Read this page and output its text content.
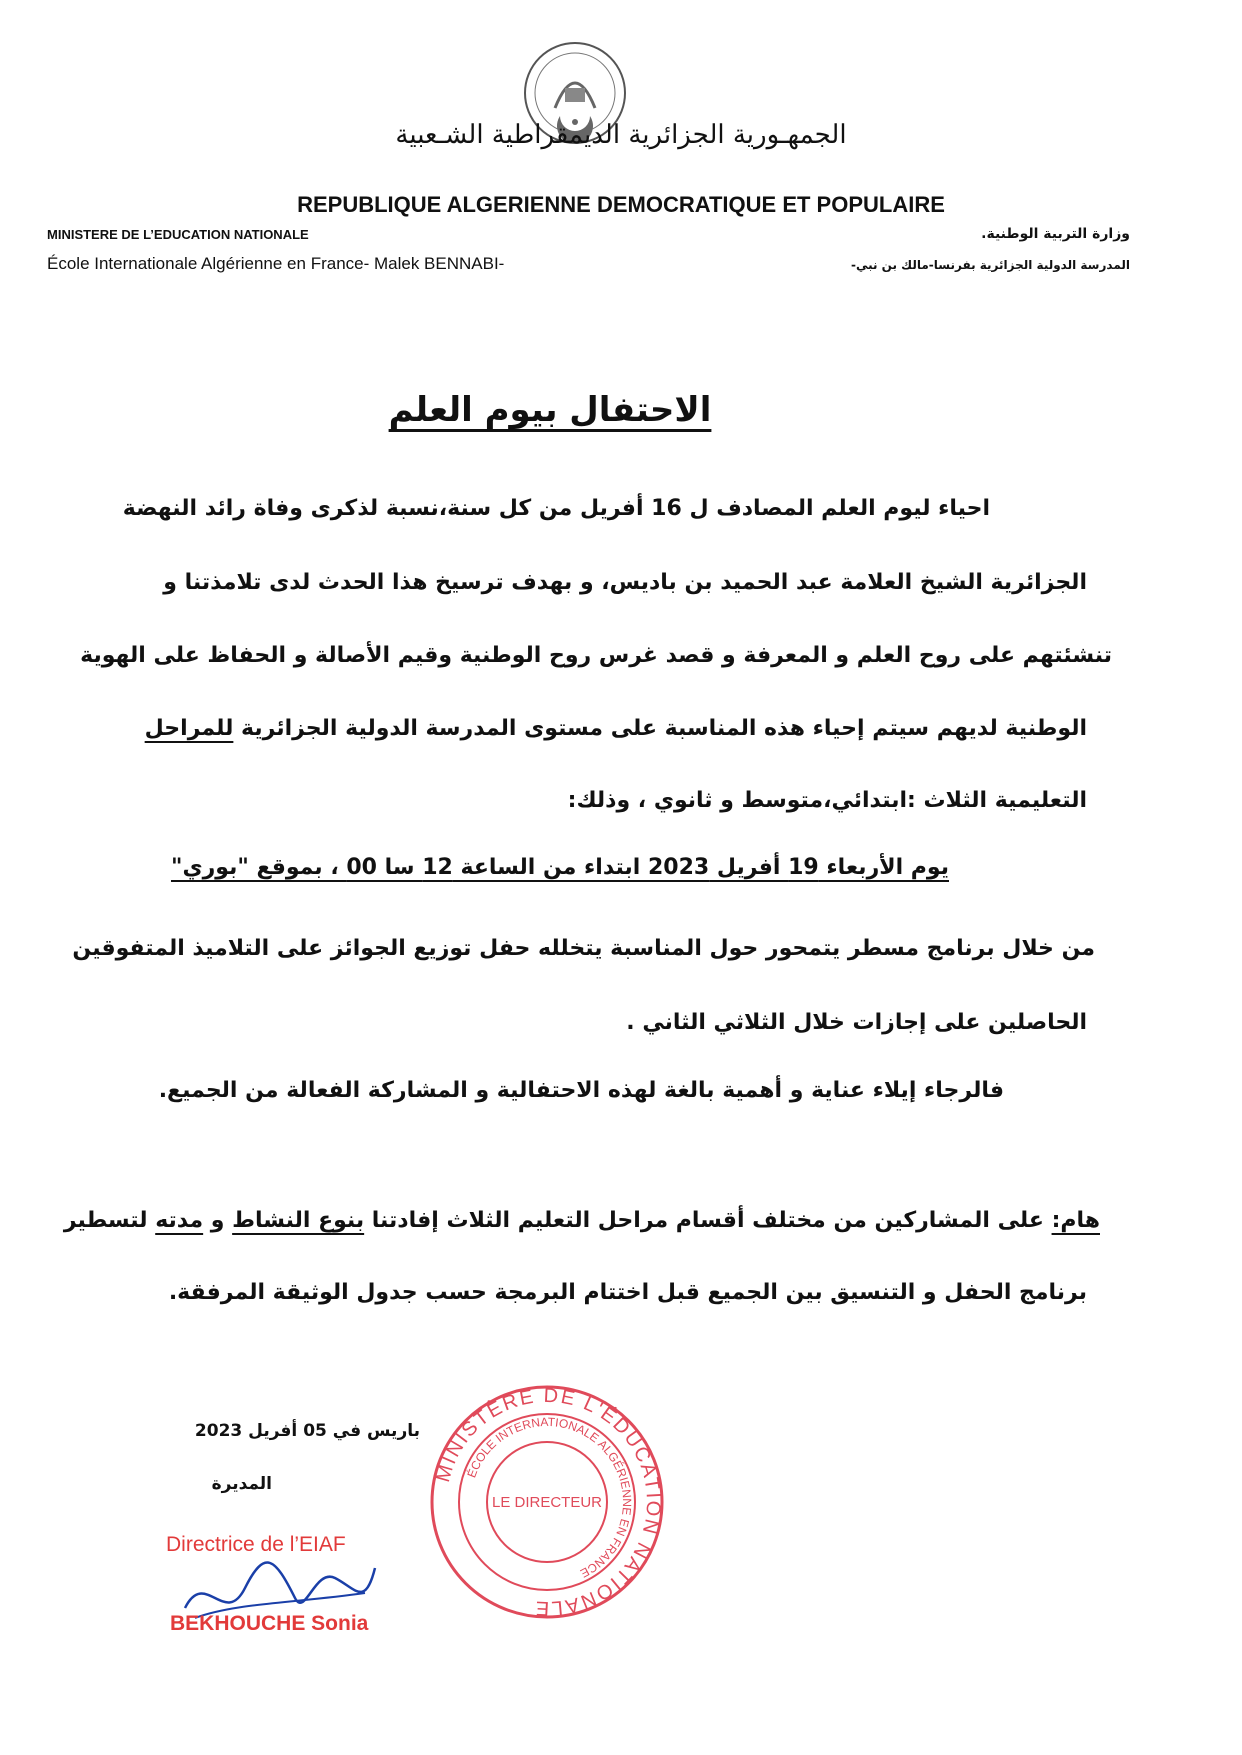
الجمهـورية الجزائرية الديمقراطية الشـعبية
REPUBLIQUE ALGERIENNE DEMOCRATIQUE ET POPULAIRE
MINISTERE DE L’EDUCATION NATIONALE
École Internationale Algérienne en France- Malek BENNABI-
وزارة التربية الوطنية.
المدرسة الدولية الجزائرية بفرنسا-مالك بن نبي-
الاحتفال بيوم العلم
احياء ليوم العلم المصادف ل 16 أفريل من كل سنة،نسبة لذكرى وفاة رائد النهضة
الجزائرية الشيخ العلامة عبد الحميد بن باديس، و بهدف ترسيخ هذا الحدث لدى تلامذتنا و
تنشئتهم على روح العلم و المعرفة و قصد غرس روح الوطنية وقيم الأصالة و الحفاظ على الهوية
الوطنية لديهم سيتم إحياء هذه المناسبة على مستوى المدرسة الدولية الجزائرية للمراحل
التعليمية الثلاث :ابتدائي،متوسط و ثانوي ، وذلك:
يوم الأربعاء 19 أفريل 2023 ابتداء من الساعة 12 سا 00 ، بموقع "بوري"
من خلال برنامج مسطر يتمحور حول المناسبة يتخلله حفل توزيع الجوائز على التلاميذ المتفوقين
الحاصلين على إجازات خلال الثلاثي الثاني .
فالرجاء إيلاء عناية و أهمية بالغة لهذه الاحتفالية و المشاركة الفعالة من الجميع.
هام: على المشاركين من مختلف أقسام مراحل التعليم الثلاث إفادتنا بنوع النشاط و مدته لتسطير
برنامج الحفل و التنسيق بين الجميع قبل اختتام البرمجة حسب جدول الوثيقة المرفقة.
باريس في 05 أفريل 2023
المديرة
Directrice de l’EIAF
BEKHOUCHE Sonia
MINISTÈRE DE L'ÉDUCATION NATIONALE
ÉCOLE INTERNATIONALE ALGÉRIENNE EN FRANCE
LE DIRECTEUR
